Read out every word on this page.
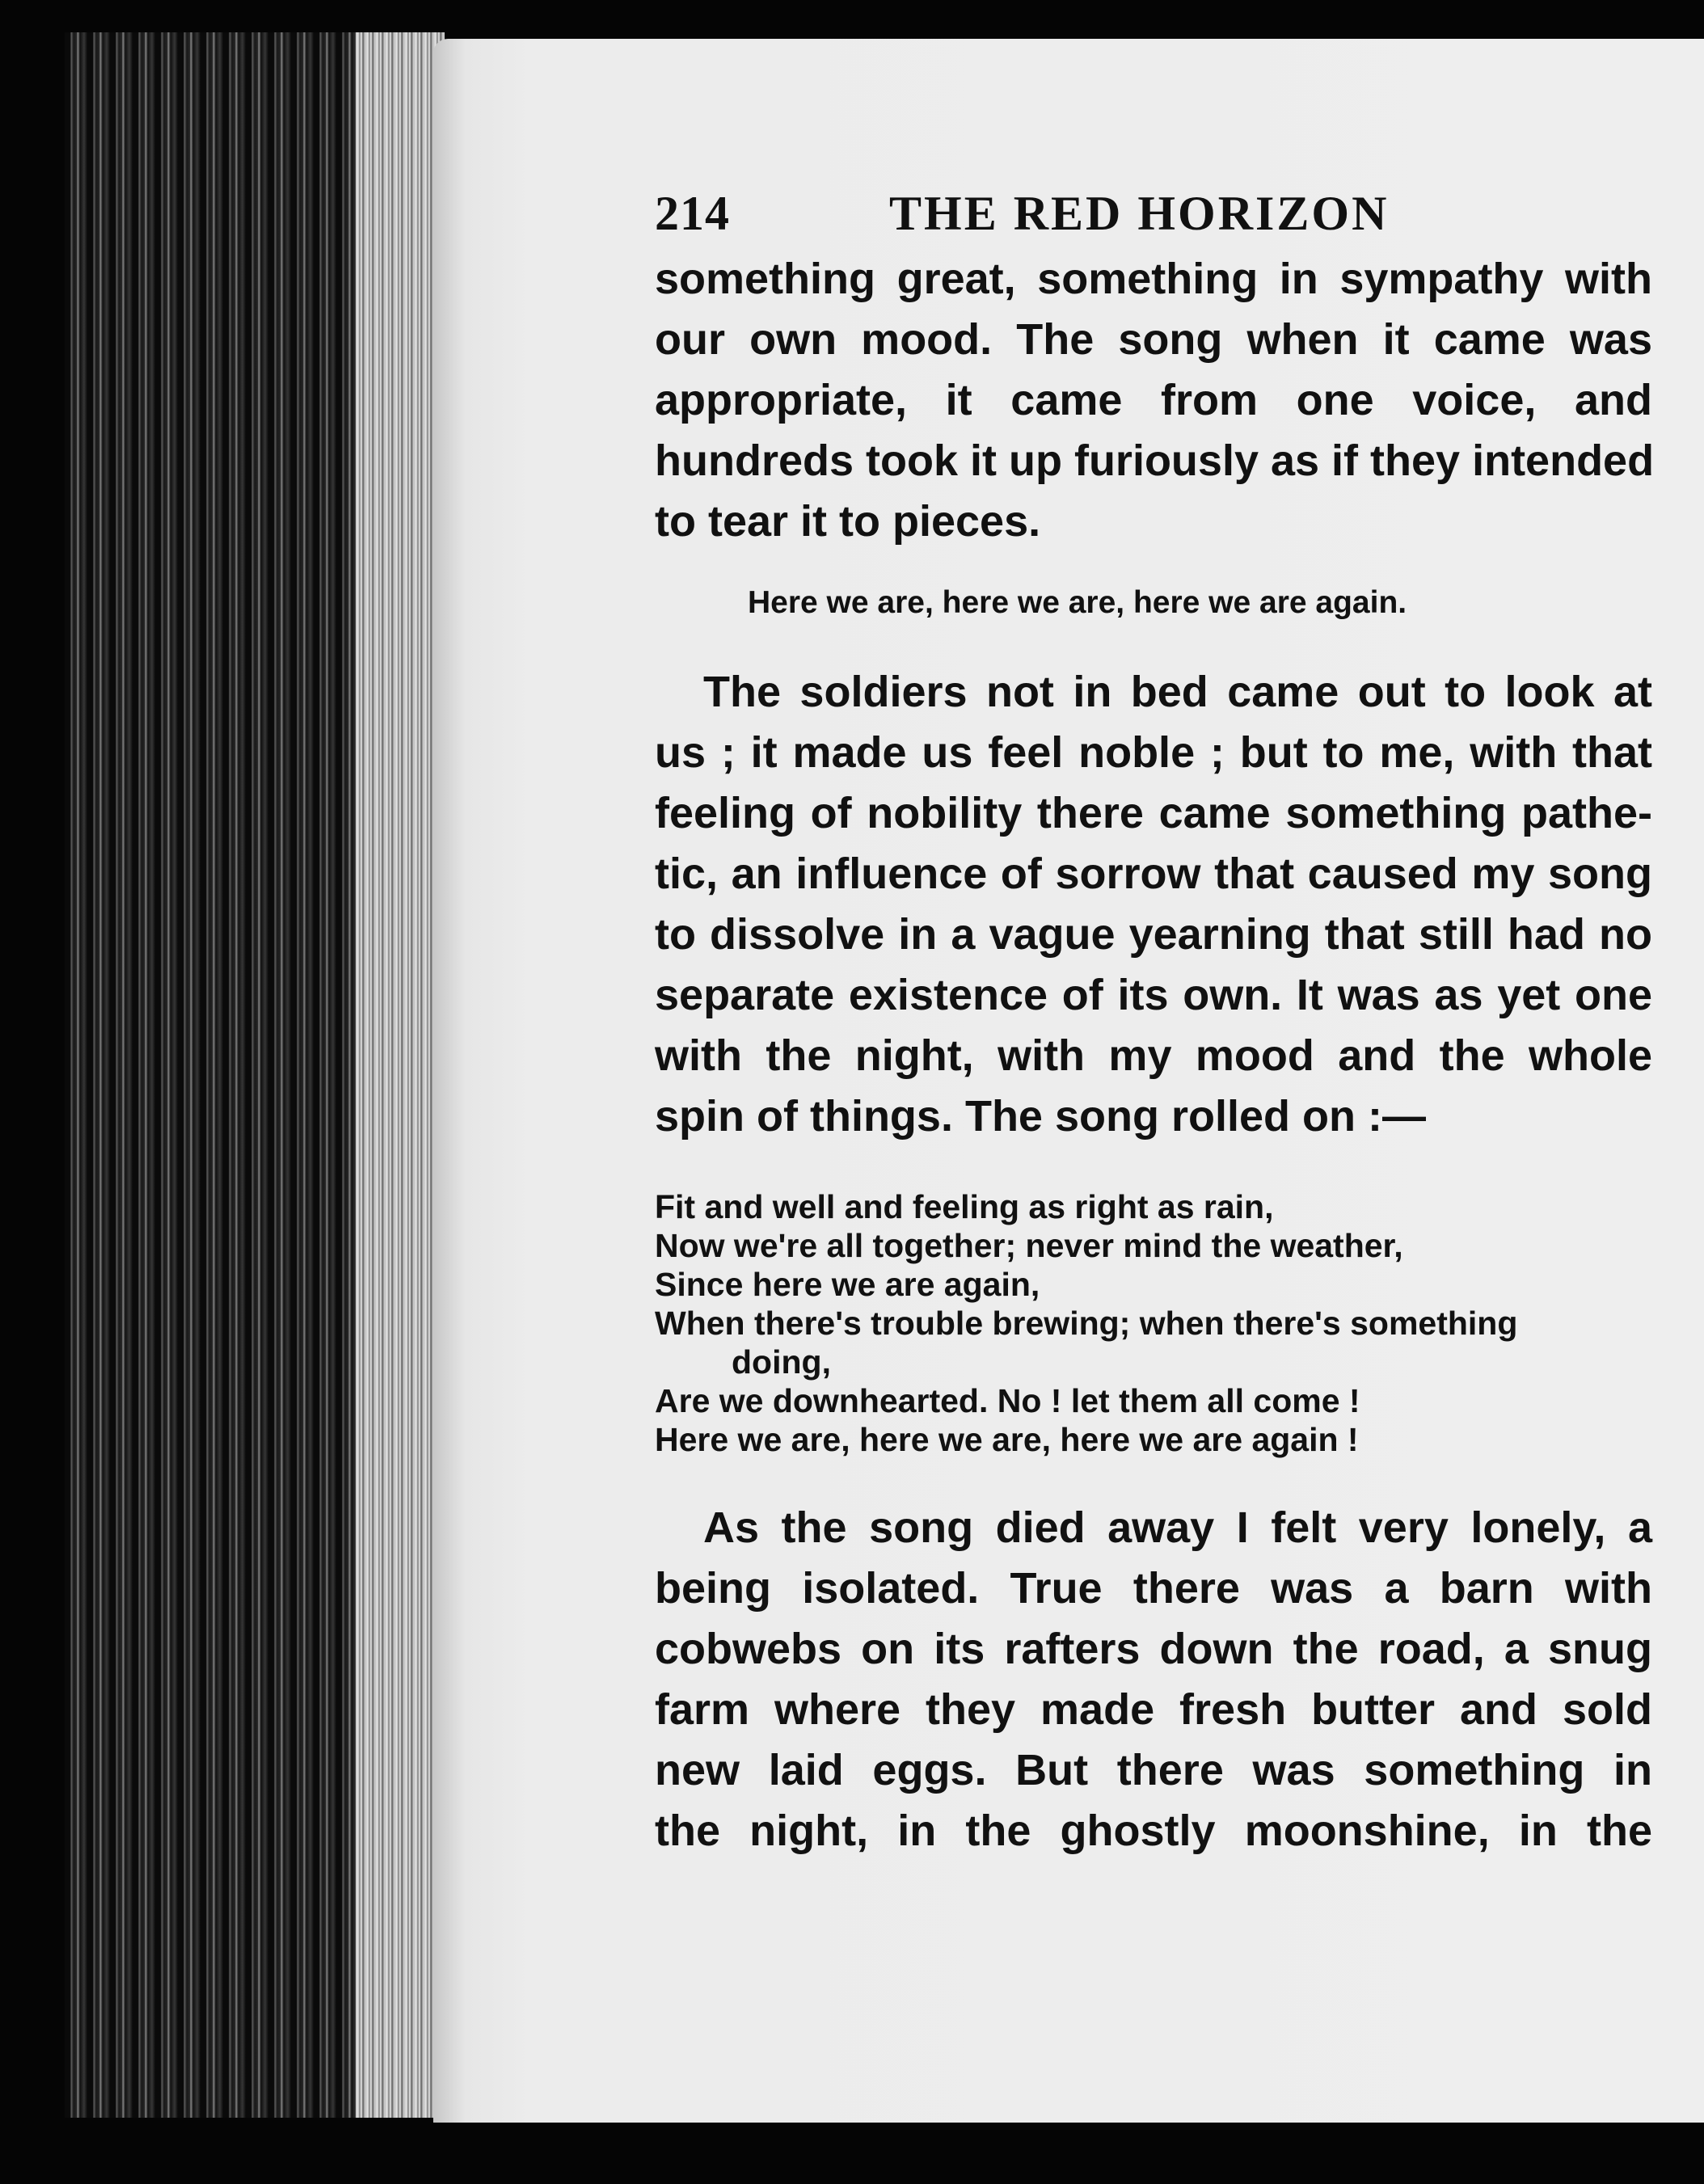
214	THE RED HORIZON
something great, something in sympathy with
our own mood. The song when it came was
appropriate, it came from one voice, and
hundreds took it up furiously as if they intended
to tear it to pieces.
Here we are, here we are, here we are again.
The soldiers not in bed came out to look at
us ; it made us feel noble ; but to me, with that
feeling of nobility there came something pathe-
tic, an influence of sorrow that caused my song
to dissolve in a vague yearning that still had no
separate existence of its own. It was as yet one
with the night, with my mood and the whole
spin of things. The song rolled on :—
Fit and well and feeling as right as rain,
Now we're all together; never mind the weather,
Since here we are again,
When there's trouble brewing; when there's something
doing,
Are we downhearted. No ! let them all come !
Here we are, here we are, here we are again !
As the song died away I felt very lonely, a
being isolated. True there was a barn with
cobwebs on its rafters down the road, a snug
farm where they made fresh butter and sold
new laid eggs. But there was something in
the night, in the ghostly moonshine, in the
